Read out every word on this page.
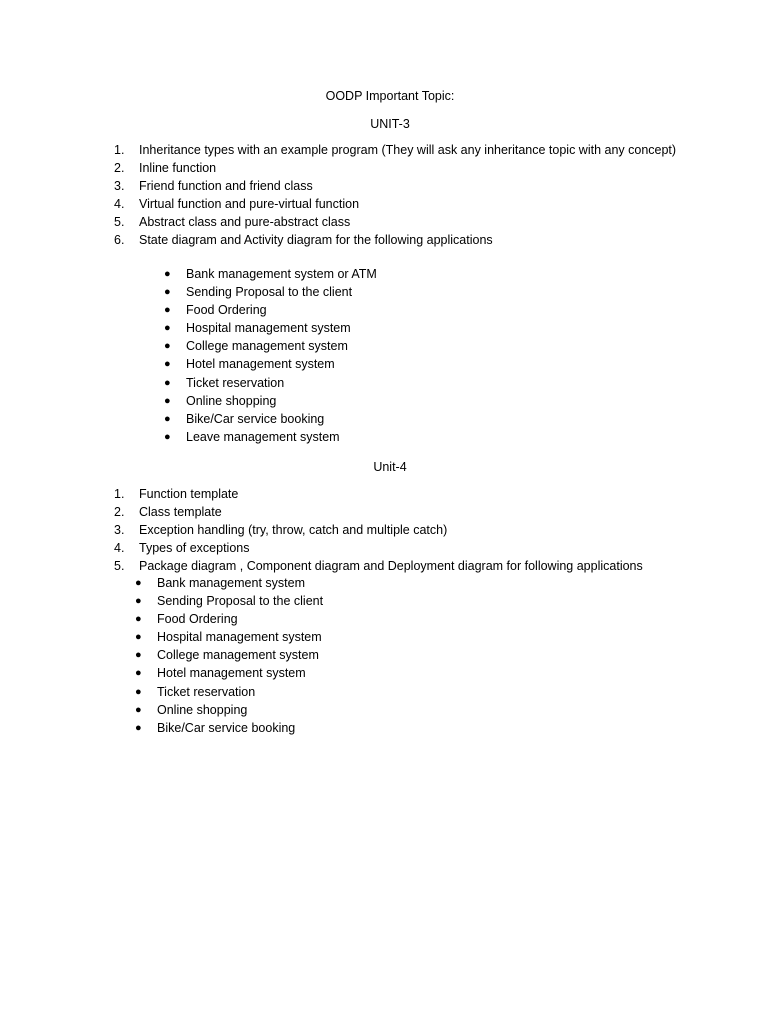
OODP Important Topic:
UNIT-3
1.	Inheritance types with an example program (They will ask any inheritance topic with any concept)
2.	Inline function
3.	Friend function and friend class
4.	Virtual function and pure-virtual function
5.	Abstract class and pure-abstract class
6.	State diagram and Activity diagram for the following applications
● Bank management system or ATM
● Sending Proposal to the client
● Food Ordering
● Hospital management system
● College management system
● Hotel management system
● Ticket reservation
● Online shopping
● Bike/Car service booking
● Leave management system
Unit-4
1.	Function template
2.	Class template
3.	Exception handling (try, throw, catch and multiple catch)
4.	Types of exceptions
5.	Package diagram , Component diagram and Deployment diagram for following applications
● Bank management system
● Sending Proposal to the client
● Food Ordering
● Hospital management system
● College management system
● Hotel management system
● Ticket reservation
● Online shopping
● Bike/Car service booking
